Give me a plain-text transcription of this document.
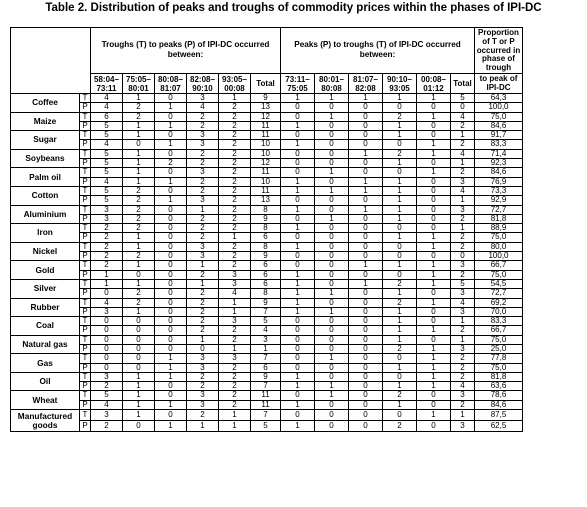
Table 2. Distribution of peaks and troughs of commodity prices within the phases of IPI-DC
		Troughs (T) to peaks (P) of IPI-DC occurred between:						Peaks (P) to troughs (T) of IPI-DC occurred between:						Proportion of T or P occurred in phase of trough
		58:04–73:11	75:05–80:01	80:08–81:07	82:08–90:10	93:05–00:08	Total	73:11–75:05	80:01–80:08	81:07–82:08	90:10–93:05	00:08–01:12	Total	to peak of IPI-DC
Coffee	T	4	1	0	3	1	9	1	1	1	1	1	5	64,3
	P	4	2	1	4	2	13	0	0	0	0	0	0	100,0
Maize	T	6	2	0	2	2	12	0	1	0	2	1	4	75,0
	P	5	1	1	2	2	11	1	0	0	1	0	2	84,6
Sugar	T	5	1	0	3	2	11	0	0	0	1	0	1	91,7
	P	4	0	1	3	2	10	1	0	0	0	1	2	83,3
Soybeans	T	5	1	0	2	2	10	0	0	1	2	1	4	71,4
	P	5	1	2	2	2	12	0	0	0	1	0	1	92,3
Palm oil	T	5	1	0	3	2	11	0	1	0	0	1	2	84,6
	P	4	1	1	2	2	10	1	0	1	1	0	3	76,9
Cotton	T	5	2	0	2	2	11	1	1	1	1	0	4	73,3
	P	5	2	1	3	2	13	0	0	0	1	0	1	92,9
Aluminium	T	3	2	0	1	2	8	1	0	1	1	0	3	72,7
	P	3	2	0	2	2	9	0	1	0	1	0	2	81,8
Iron	T	2	2	0	2	2	8	1	0	0	0	0	1	88,9
	P	2	1	0	2	1	6	0	0	0	1	1	2	75,0
Nickel	T	2	1	0	3	2	8	1	0	0	0	1	2	80,0
	P	2	2	0	3	2	9	0	0	0	0	0	0	100,0
Gold	T	2	1	0	1	2	6	0	0	1	1	1	3	66,7
	P	1	0	0	2	3	6	1	0	0	0	1	2	75,0
Silver	T	1	1	0	1	3	6	1	0	1	2	1	5	54,5
	P	0	2	0	2	4	8	1	1	0	1	0	3	72,7
Rubber	T	4	2	0	2	1	9	1	0	0	2	1	4	69,2
	P	3	1	0	2	1	7	1	1	0	1	0	3	70,0
Coal	T	0	0	0	2	3	5	0	0	0	1	0	1	83,3
	P	0	0	0	2	2	4	0	0	0	1	1	2	66,7
Natural gas	T	0	0	0	1	2	3	0	0	0	1	0	1	75,0
	P	0	0	0	0	1	1	0	0	0	2	1	3	25,0
Gas	T	0	0	1	3	3	7	0	1	0	0	1	2	77,8
	P	0	0	1	3	2	6	0	0	0	1	1	2	75,0
Oil	T	3	1	1	2	2	9	1	0	0	0	1	2	81,8
	P	2	1	0	2	2	7	1	1	0	1	1	4	63,6
Wheat	T	5	1	0	3	2	11	0	1	0	2	0	3	78,6
	P	4	1	1	3	2	11	1	0	0	1	0	2	84,6
Manufactured goods	T	3	1	0	2	1	7	0	0	0	0	1	1	87,5
	P	2	0	1	1	1	5	1	0	0	2	0	3	62,5
